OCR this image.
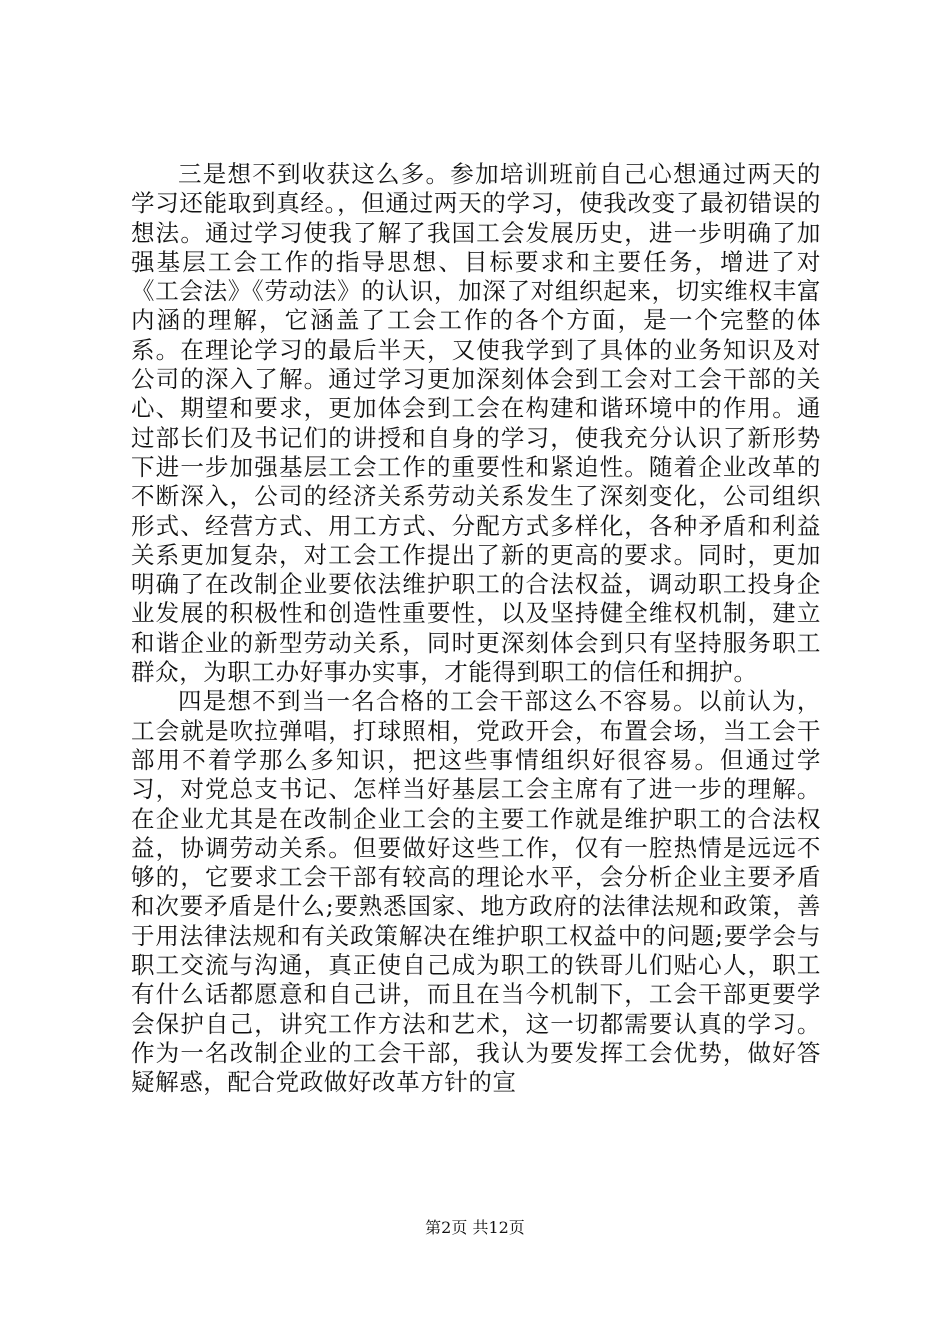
三是想不到收获这么多。参加培训班前自己心想通过两天的学习还能取到真经。，但通过两天的学习，使我改变了最初错误的想法。通过学习使我了解了我国工会发展历史，进一步明确了加强基层工会工作的指导思想、目标要求和主要任务，增进了对《工会法》《劳动法》的认识，加深了对组织起来，切实维权丰富内涵的理解，它涵盖了工会工作的各个方面，是一个完整的体系。在理论学习的最后半天，又使我学到了具体的业务知识及对公司的深入了解。通过学习更加深刻体会到工会对工会干部的关心、期望和要求，更加体会到工会在构建和谐环境中的作用。通过部长们及书记们的讲授和自身的学习，使我充分认识了新形势下进一步加强基层工会工作的重要性和紧迫性。随着企业改革的不断深入，公司的经济关系劳动关系发生了深刻变化，公司组织形式、经营方式、用工方式、分配方式多样化，各种矛盾和利益关系更加复杂，对工会工作提出了新的更高的要求。同时，更加明确了在改制企业要依法维护职工的合法权益，调动职工投身企业发展的积极性和创造性重要性，以及坚持健全维权机制，建立和谐企业的新型劳动关系，同时更深刻体会到只有坚持服务职工群众，为职工办好事办实事，才能得到职工的信任和拥护。

四是想不到当一名合格的工会干部这么不容易。以前认为，工会就是吹拉弹唱，打球照相，党政开会，布置会场，当工会干部用不着学那么多知识，把这些事情组织好很容易。但通过学习，对党总支书记、怎样当好基层工会主席有了进一步的理解。在企业尤其是在改制企业工会的主要工作就是维护职工的合法权益，协调劳动关系。但要做好这些工作，仅有一腔热情是远远不够的，它要求工会干部有较高的理论水平，会分析企业主要矛盾和次要矛盾是什么;要熟悉国家、地方政府的法律法规和政策，善于用法律法规和有关政策解决在维护职工权益中的问题;要学会与职工交流与沟通，真正使自己成为职工的铁哥儿们贴心人，职工有什么话都愿意和自己讲，而且在当今机制下，工会干部更要学会保护自己，讲究工作方法和艺术，这一切都需要认真的学习。作为一名改制企业的工会干部，我认为要发挥工会优势，做好答疑解惑，配合党政做好改革方针的宣

第2页 共12页
